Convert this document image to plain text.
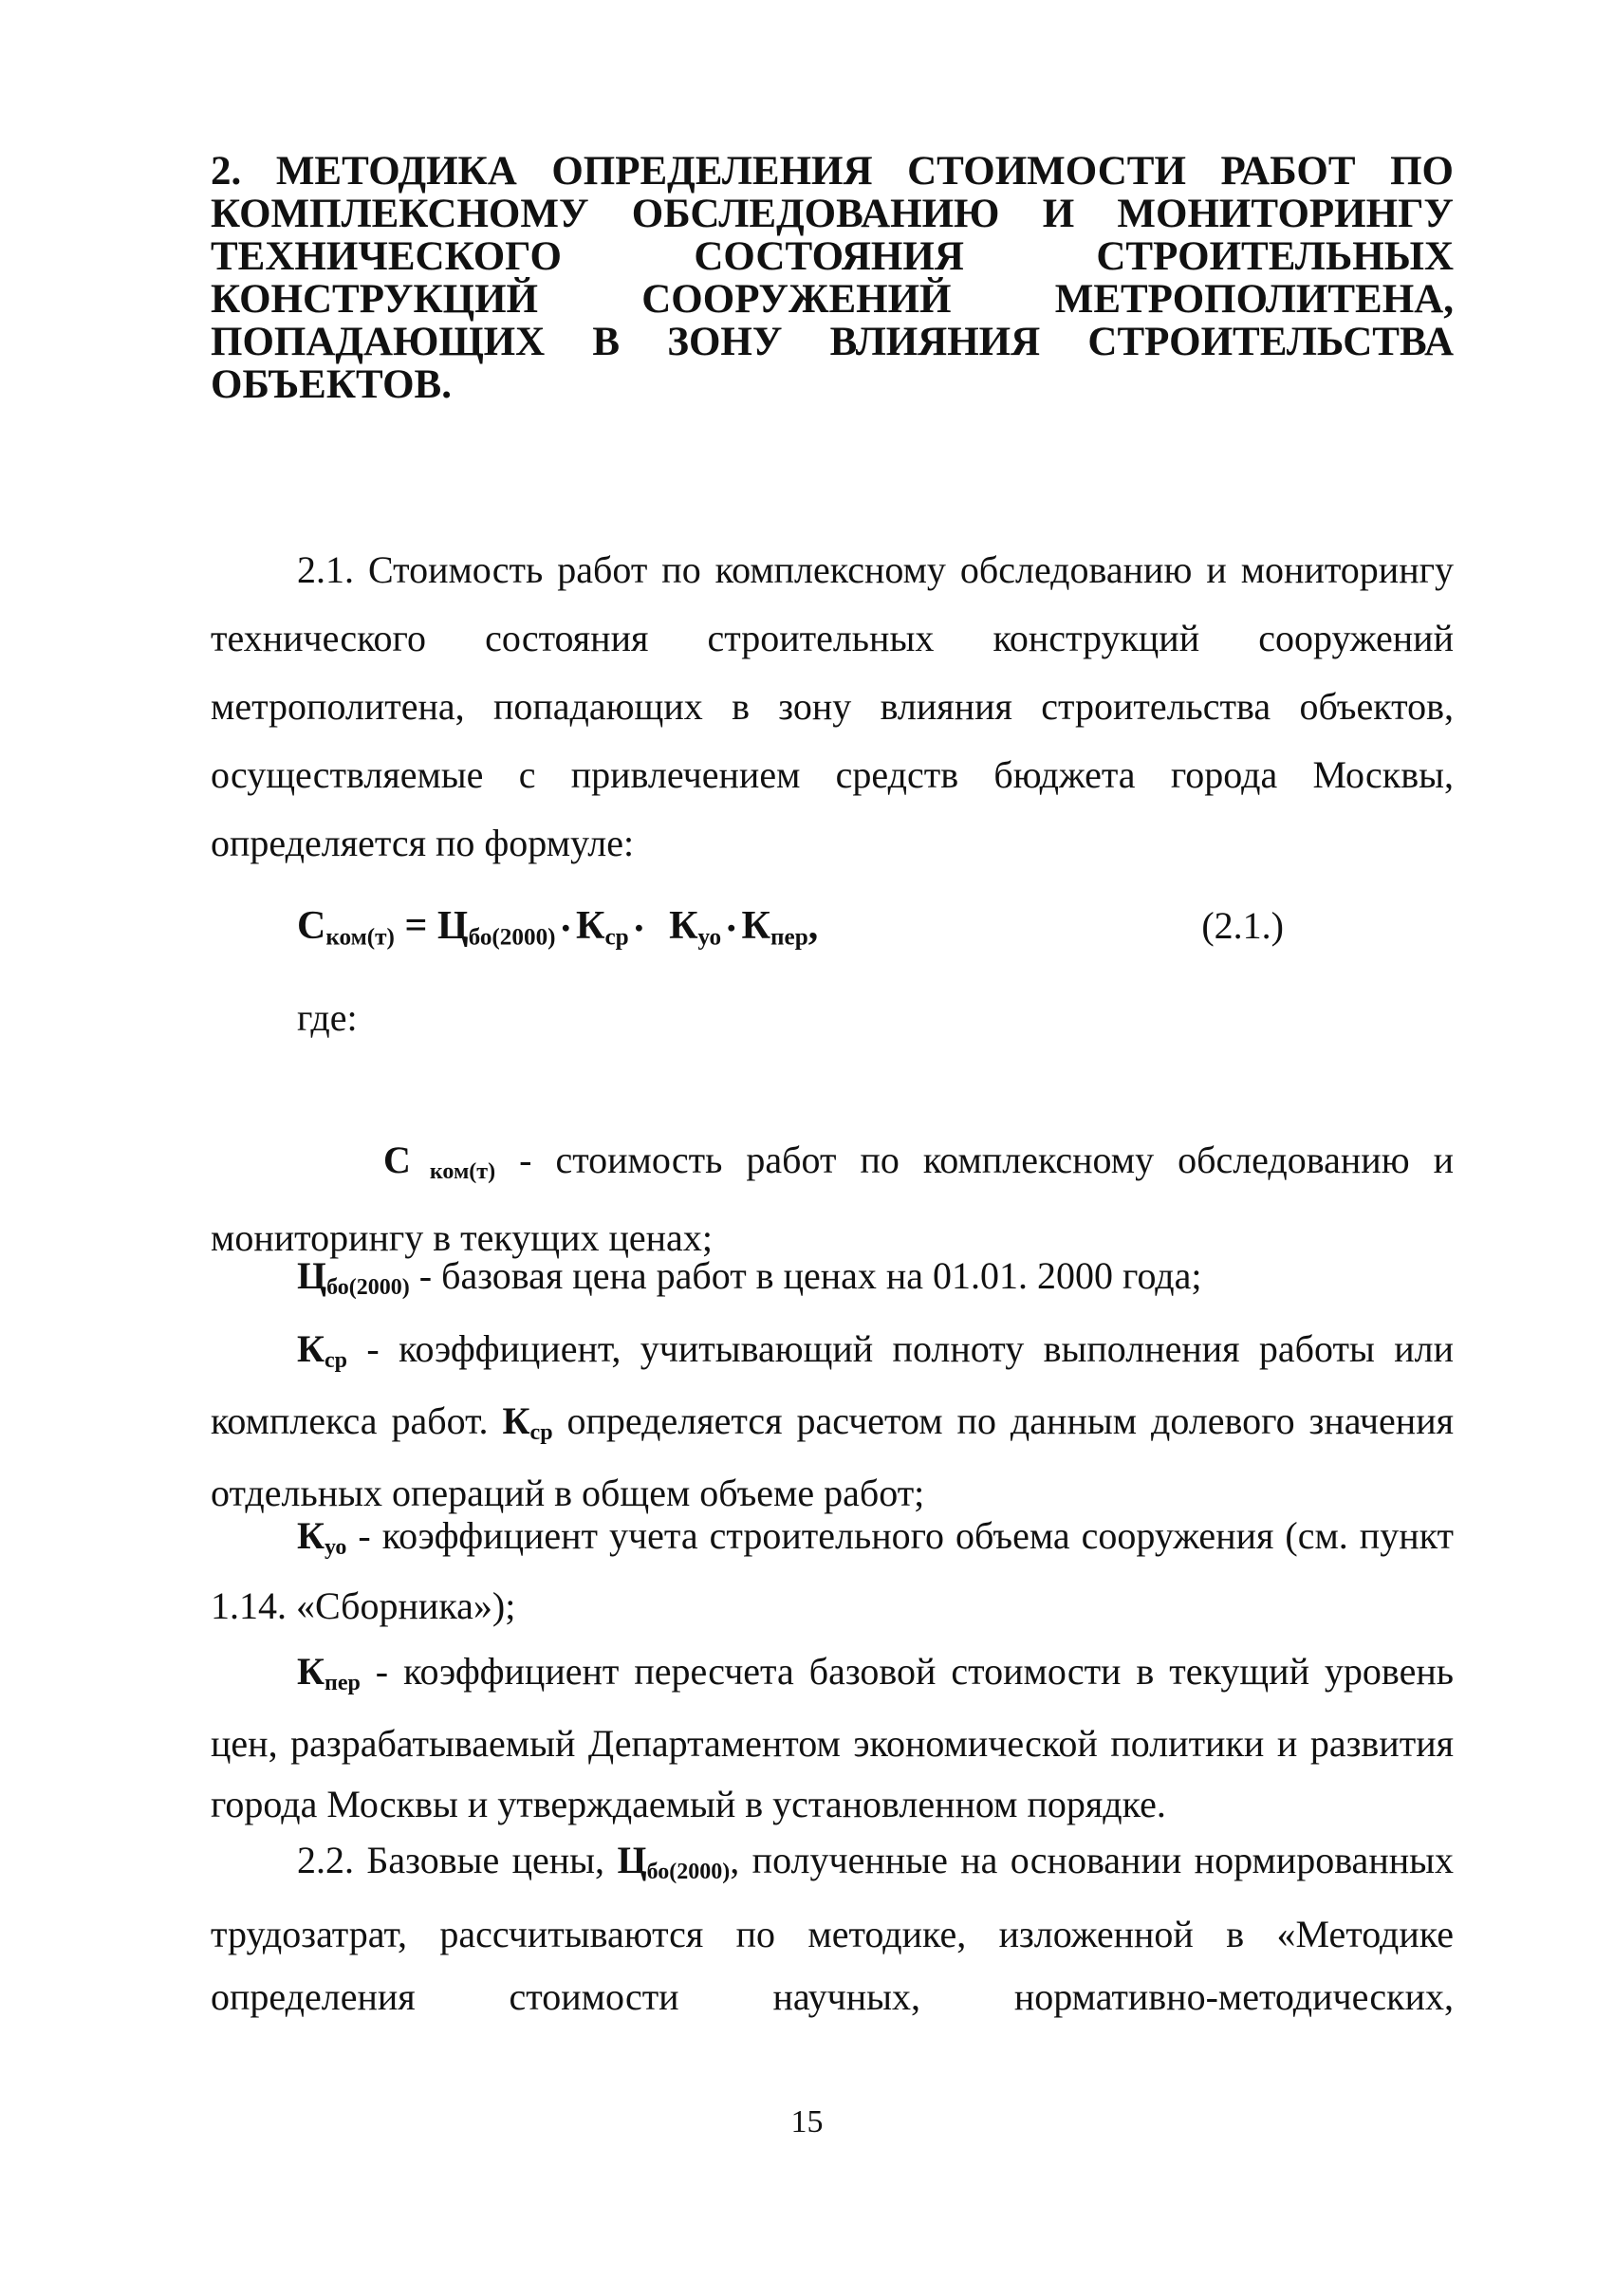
2. МЕТОДИКА ОПРЕДЕЛЕНИЯ СТОИМОСТИ РАБОТ ПО КОМПЛЕКСНОМУ ОБСЛЕДОВАНИЮ И МОНИТОРИНГУ ТЕХНИЧЕСКОГО СОСТОЯНИЯ СТРОИТЕЛЬНЫХ КОНСТРУКЦИЙ СООРУЖЕНИЙ МЕТРОПОЛИТЕНА, ПОПАДАЮЩИХ В ЗОНУ ВЛИЯНИЯ СТРОИТЕЛЬСТВА ОБЪЕКТОВ.
2.1. Стоимость работ по комплексному обследованию и мониторингу технического состояния строительных конструкций сооружений метрополитена, попадающих в зону влияния строительства объектов, осуществляемые с привлечением средств бюджета города Москвы, определяется по формуле:
$С_{ком(т)} = Ц_{бо(2000)}$ • $К_{ср}$ •   $К_{уо}$ • $К_{пер}$,	(2.1.)
где:
С $_{ком(т)}$ - стоимость работ по комплексному обследованию и мониторингу в текущих ценах;
$Ц_{бо(2000)}$ - базовая цена работ в ценах на 01.01. 2000 года;
$К_{ср}$ - коэффициент, учитывающий полноту выполнения работы или комплекса работ. $К_{ср}$ определяется расчетом по данным долевого значения отдельных операций в общем объеме работ;
$К_{уо}$ - коэффициент учета строительного объема сооружения (см. пункт 1.14. «Сборника»);
$К_{пер}$ - коэффициент пересчета базовой стоимости в текущий уровень цен, разрабатываемый Департаментом экономической политики и развития города Москвы и утверждаемый в установленном порядке.
2.2. Базовые цены, $Ц_{бо(2000)}$, полученные на основании нормированных трудозатрат, рассчитываются по методике, изложенной в «Методике определения стоимости научных, нормативно-методических,
15
